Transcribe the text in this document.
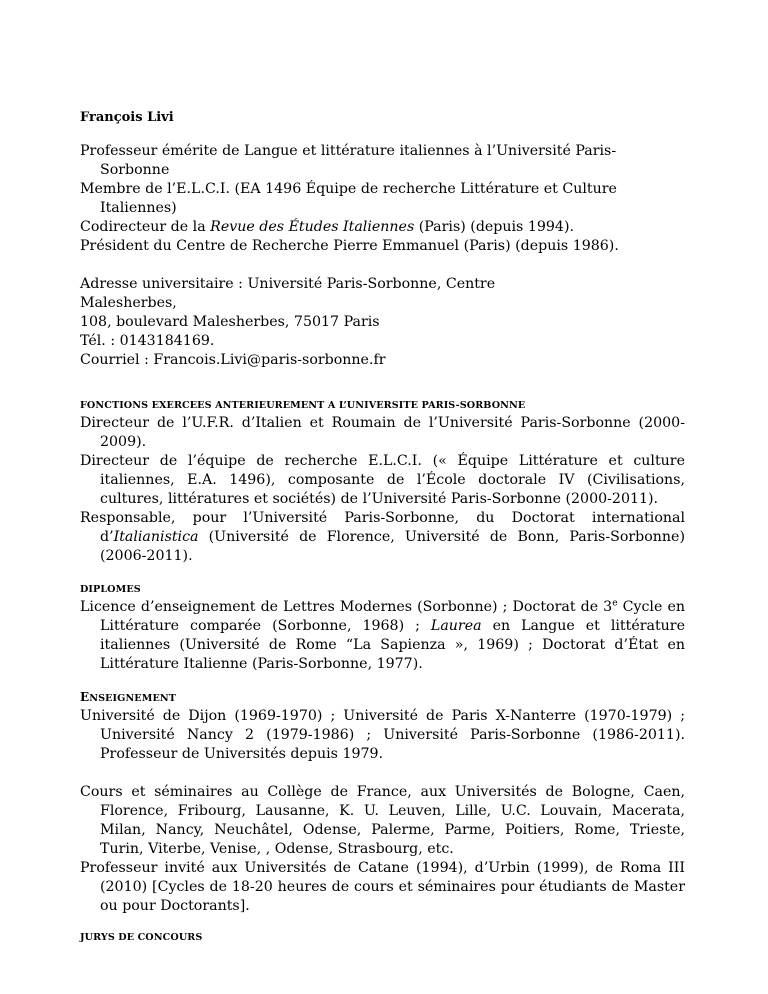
François Livi

Professeur émérite de Langue et littérature italiennes à l’Université Paris-Sorbonne

Membre de l’E.L.C.I. (EA 1496 Équipe de recherche Littérature et Culture Italiennes)

Codirecteur de la Revue des Études Italiennes (Paris) (depuis 1994).

Président du Centre de Recherche Pierre Emmanuel (Paris) (depuis 1986).

Adresse universitaire : Université Paris-Sorbonne, Centre

Malesherbes,

108, boulevard Malesherbes, 75017 Paris

Tél. : 0143184169.

Courriel : Francois.Livi@paris-sorbonne.fr

FONCTIONS EXERCEES ANTERIEUREMENT A L’UNIVERSITE PARIS-SORBONNE

Directeur de l’U.F.R. d’Italien et Roumain de l’Université Paris-Sorbonne (2000-2009).

Directeur de l’équipe de recherche E.L.C.I. (« Équipe Littérature et culture italiennes, E.A. 1496), composante de l’École doctorale IV (Civilisations, cultures, littératures et sociétés) de l’Université Paris-Sorbonne (2000-2011).

Responsable, pour l’Université Paris-Sorbonne, du Doctorat international d’Italianistica (Université de Florence, Université de Bonn, Paris-Sorbonne) (2006-2011).

DIPLOMES

Licence d’enseignement de Lettres Modernes (Sorbonne) ; Doctorat de 3e Cycle en Littérature comparée (Sorbonne, 1968) ; Laurea en Langue et littérature italiennes (Université de Rome “La Sapienza », 1969) ; Doctorat d’État en Littérature Italienne (Paris-Sorbonne, 1977).

ENSEIGNEMENT

Université de Dijon (1969-1970) ; Université de Paris X-Nanterre (1970-1979) ; Université Nancy 2 (1979-1986) ; Université Paris-Sorbonne (1986-2011). Professeur de Universités depuis 1979.

Cours et séminaires au Collège de France, aux Universités de Bologne, Caen, Florence, Fribourg, Lausanne, K. U. Leuven, Lille, U.C. Louvain, Macerata, Milan, Nancy, Neuchâtel, Odense, Palerme, Parme, Poitiers, Rome, Trieste, Turin, Viterbe, Venise, , Odense, Strasbourg, etc.

Professeur invité aux Universités de Catane (1994), d’Urbin (1999), de Roma III (2010) [Cycles de 18-20 heures de cours et séminaires pour étudiants de Master ou pour Doctorants].

JURYS DE CONCOURS
